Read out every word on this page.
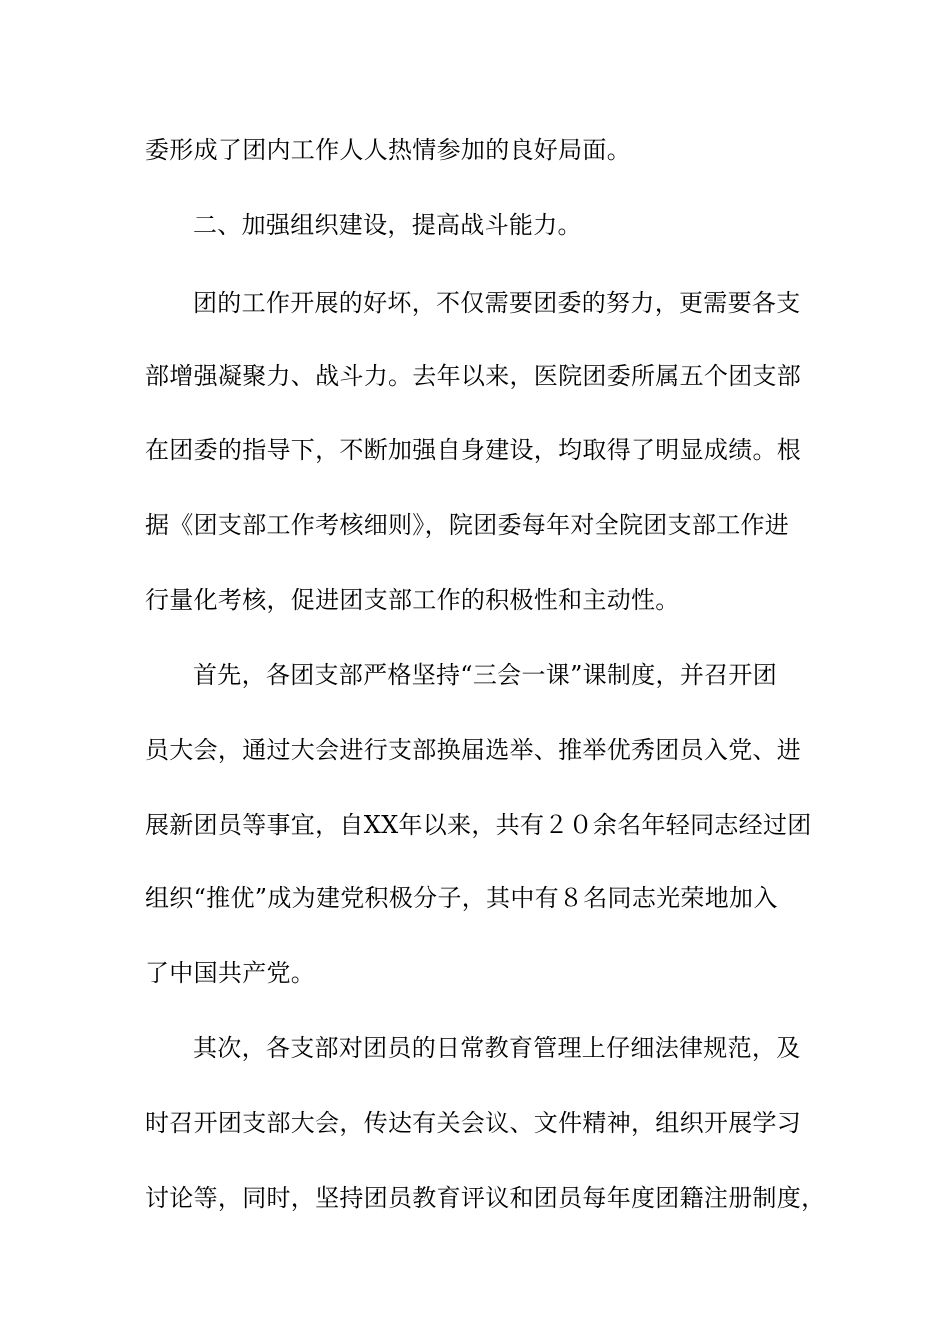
委形成了团内工作人人热情参加的良好局面。
二、加强组织建设，提高战斗能力。
团的工作开展的好坏，不仅需要团委的努力，更需要各支
部增强凝聚力、战斗力。去年以来，医院团委所属五个团支部
在团委的指导下，不断加强自身建设，均取得了明显成绩。根
据《团支部工作考核细则》，院团委每年对全院团支部工作进
行量化考核，促进团支部工作的积极性和主动性。
首先，各团支部严格坚持“三会一课”课制度，并召开团
员大会，通过大会进行支部换届选举、推举优秀团员入党、进
展新团员等事宜，自XX年以来，共有２０余名年轻同志经过团
组织“推优”成为建党积极分子，其中有８名同志光荣地加入
了中国共产党。
其次，各支部对团员的日常教育管理上仔细法律规范，及
时召开团支部大会，传达有关会议、文件精神，组织开展学习
讨论等，同时，坚持团员教育评议和团员每年度团籍注册制度，
